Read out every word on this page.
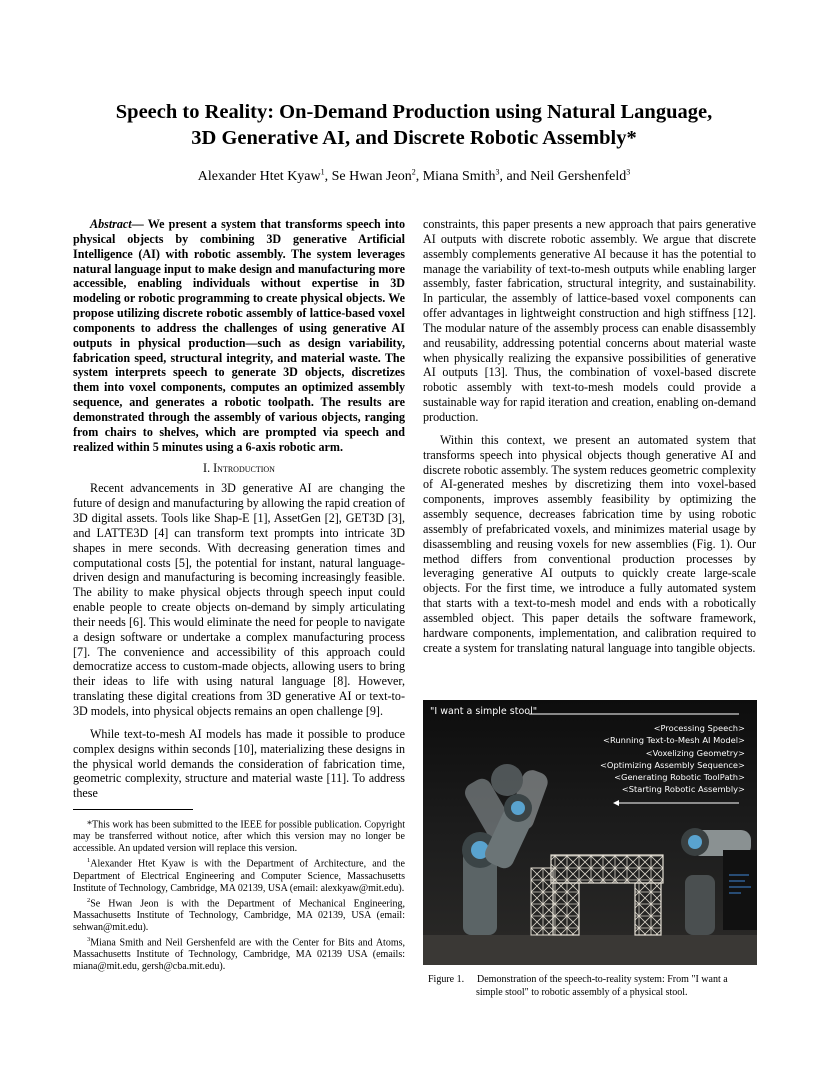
Speech to Reality: On-Demand Production using Natural Language,
3D Generative AI, and Discrete Robotic Assembly*
Alexander Htet Kyaw$^1$, Se Hwan Jeon$^2$, Miana Smith$^3$, and Neil Gershenfeld$^3$

Abstract— We present a system that transforms speech into physical objects by combining 3D generative Artificial Intelligence (AI) with robotic assembly. The system leverages natural language input to make design and manufacturing more accessible, enabling individuals without expertise in 3D modeling or robotic programming to create physical objects. We propose utilizing discrete robotic assembly of lattice-based voxel components to address the challenges of using generative AI outputs in physical production—such as design variability, fabrication speed, structural integrity, and material waste. The system interprets speech to generate 3D objects, discretizes them into voxel components, computes an optimized assembly sequence, and generates a robotic toolpath. The results are demonstrated through the assembly of various objects, ranging from chairs to shelves, which are prompted via speech and realized within 5 minutes using a 6-axis robotic arm.

I. Introduction

Recent advancements in 3D generative AI are changing the future of design and manufacturing by allowing the rapid creation of 3D digital assets. Tools like Shap-E [1], AssetGen [2], GET3D [3], and LATTE3D [4] can transform text prompts into intricate 3D shapes in mere seconds. With decreasing generation times and computational costs [5], the potential for instant, natural language-driven design and manufacturing is becoming increasingly feasible. The ability to make physical objects through speech input could enable people to create objects on-demand by simply articulating their needs [6]. This would eliminate the need for people to navigate a design software or undertake a complex manufacturing process [7]. The convenience and accessibility of this approach could democratize access to custom-made objects, allowing users to bring their ideas to life with using natural language [8]. However, translating these digital creations from 3D generative AI or text-to-3D models, into physical objects remains an open challenge [9].

While text-to-mesh AI models has made it possible to produce complex designs within seconds [10], materializing these designs in the physical world demands the consideration of fabrication time, geometric complexity, structure and material waste [11]. To address these

*This work has been submitted to the IEEE for possible publication. Copyright may be transferred without notice, after which this version may no longer be accessible. An updated version will replace this version.

$^1$Alexander Htet Kyaw is with the Department of Architecture, and the Department of Electrical Engineering and Computer Science, Massachusetts Institute of Technology, Cambridge, MA 02139, USA (email: alexkyaw@mit.edu).

$^2$Se Hwan Jeon is with the Department of Mechanical Engineering, Massachusetts Institute of Technology, Cambridge, MA 02139, USA (email: sehwan@mit.edu).

$^3$Miana Smith and Neil Gershenfeld are with the Center for Bits and Atoms, Massachusetts Institute of Technology, Cambridge, MA 02139 USA (emails: miana@mit.edu, gersh@cba.mit.edu).

constraints, this paper presents a new approach that pairs generative AI outputs with discrete robotic assembly. We argue that discrete assembly complements generative AI because it has the potential to manage the variability of text-to-mesh outputs while enabling larger assembly, faster fabrication, structural integrity, and sustainability. In particular, the assembly of lattice-based voxel components can offer advantages in lightweight construction and high stiffness [12]. The modular nature of the assembly process can enable disassembly and reusability, addressing potential concerns about material waste when physically realizing the expansive possibilities of generative AI outputs [13]. Thus, the combination of voxel-based discrete robotic assembly with text-to-mesh models could provide a sustainable way for rapid iteration and creation, enabling on-demand production.

Within this context, we present an automated system that transforms speech into physical objects though generative AI and discrete robotic assembly. The system reduces geometric complexity of AI-generated meshes by discretizing them into voxel-based components, improves assembly feasibility by optimizing the assembly sequence, decreases fabrication time by using robotic assembly of prefabricated voxels, and minimizes material usage by disassembling and reusing voxels for new assemblies (Fig. 1). Our method differs from conventional production processes by leveraging generative AI outputs to quickly create large-scale objects. For the first time, we introduce a fully automated system that starts with a text-to-mesh model and ends with a robotically assembled object. This paper details the software framework, hardware components, implementation, and calibration required to create a system for translating natural language into tangible objects.

"I want a simple stool"
<Processing Speech>
<Running Text-to-Mesh AI Model>
<Voxelizing Geometry>
<Optimizing Assembly Sequence>
<Generating Robotic ToolPath>
<Starting Robotic Assembly>
Figure 1. Demonstration of the speech-to-reality system: From "I want a
simple stool" to robotic assembly of a physical stool.
